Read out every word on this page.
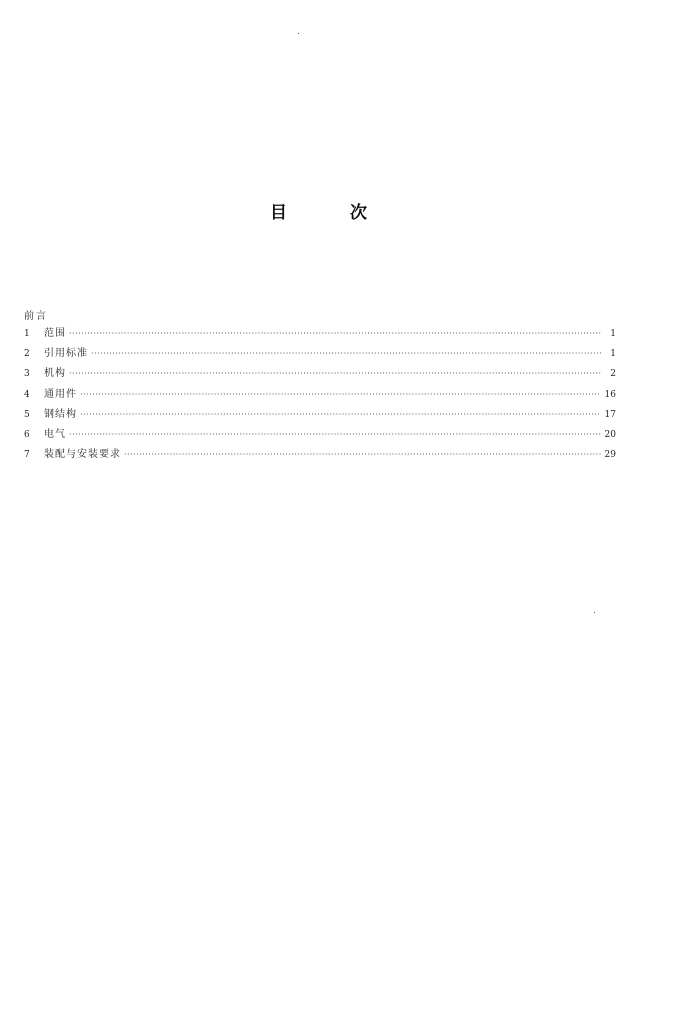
目	次
前言
1	范围 ·····	1
2	引用标准 ·····	1
3	机构 ·····	2
4	通用件 ·····	16
5	钢结构 ·····	17
6	电气 ·····	20
7	装配与安装要求 ·····	29
